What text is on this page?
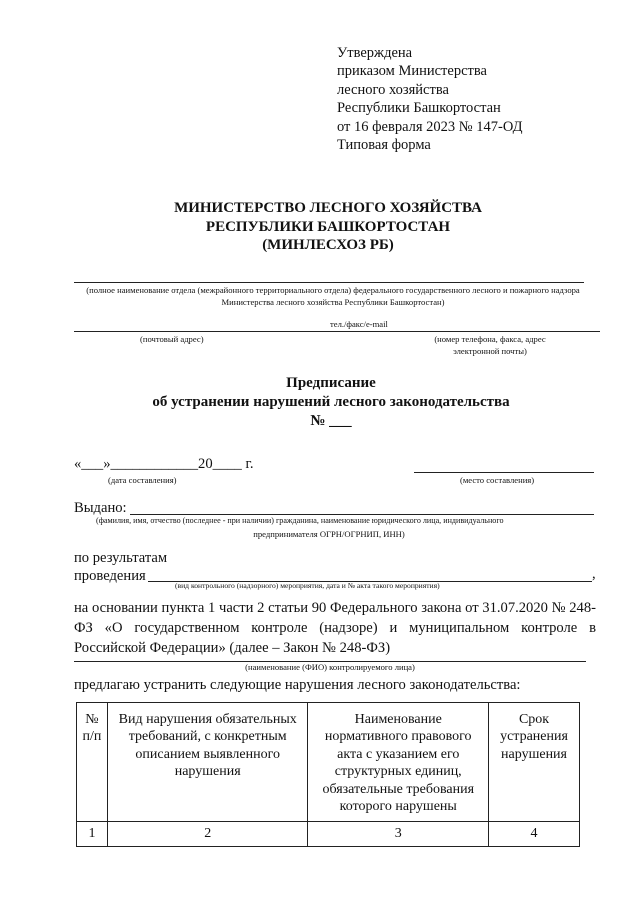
Утверждена
приказом Министерства
лесного хозяйства
Республики Башкортостан
от 16 февраля 2023 № 147-ОД
Типовая форма
МИНИСТЕРСТВО ЛЕСНОГО ХОЗЯЙСТВА
РЕСПУБЛИКИ БАШКОРТОСТАН
(МИНЛЕСХОЗ РБ)
(полное наименование отдела (межрайонного территориального отдела) федерального государственного лесного и пожарного надзора Министерства лесного хозяйства Республики Башкортостан)
тел./факс/e-mail
(почтовый адрес)	(номер телефона, факса, адрес
электронной почты)
Предписание
об устранении нарушений лесного законодательства
№ ___
«___»____________20____ г.
(дата составления)	(место составления)
Выдано:
(фамилия, имя, отчество (последнее - при наличии) гражданина, наименование юридического лица, индивидуального
предпринимателя ОГРН/ОГРНИП, ИНН)
по результатам
проведения	,
(вид контрольного (надзорного) мероприятия, дата и № акта такого мероприятия)
на основании пункта 1 части 2 статьи 90 Федерального закона от 31.07.2020 № 248-ФЗ «О государственном контроле (надзоре) и муниципальном контроле в Российской Федерации» (далее – Закон № 248-ФЗ)
(наименование (ФИО) контролируемого лица)
предлагаю устранить следующие нарушения лесного законодательства:
№ п/п	Вид нарушения обязательных требований, с конкретным описанием выявленного нарушения	Наименование нормативного правового акта с указанием его структурных единиц, обязательные требования которого нарушены	Срок устранения нарушения
1	2	3	4
